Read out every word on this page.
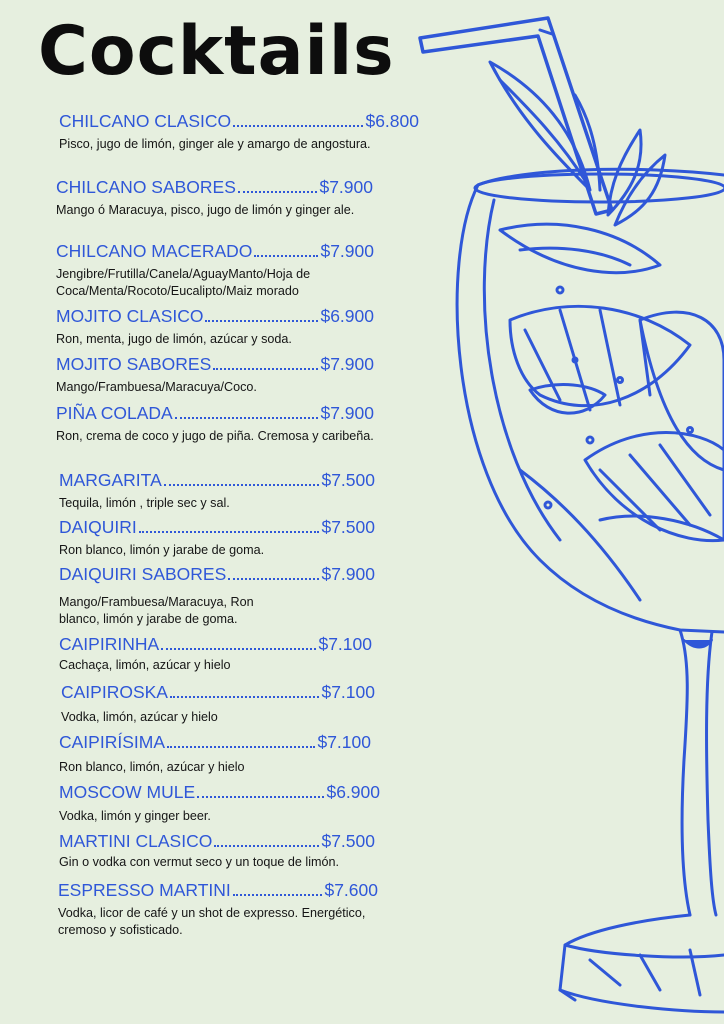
Cocktails
CHILCANO CLASICO	$6.800
Pisco, jugo de limón, ginger ale y amargo de angostura.
CHILCANO SABORES	$7.900
Mango ó Maracuya, pisco, jugo de limón y ginger ale.
CHILCANO MACERADO	$7.900
Jengibre/Frutilla/Canela/AguayManto/Hoja de Coca/Menta/Rocoto/Eucalipto/Maiz morado
MOJITO CLASICO	$6.900
Ron, menta, jugo de limón, azúcar y soda.
MOJITO SABORES	$7.900
Mango/Frambuesa/Maracuya/Coco.
PIÑA COLADA	$7.900
Ron, crema de coco y jugo de piña. Cremosa y caribeña.
MARGARITA	$7.500
Tequila, limón , triple sec y sal.
DAIQUIRI	$7.500
Ron blanco, limón y jarabe de goma.
DAIQUIRI SABORES	$7.900
Mango/Frambuesa/Maracuya, Ron blanco, limón y jarabe de goma.
CAIPIRINHA	$7.100
Cachaça, limón, azúcar y hielo
CAIPIROSKA	$7.100
Vodka, limón, azúcar y hielo
CAIPIRÍSIMA	$7.100
Ron blanco, limón, azúcar y hielo
MOSCOW MULE	$6.900
Vodka, limón y ginger beer.
MARTINI CLASICO	$7.500
Gin o vodka con vermut seco y un toque de limón.
ESPRESSO MARTINI	$7.600
Vodka, licor de café y un shot de expresso. Energético, cremoso y sofisticado.
